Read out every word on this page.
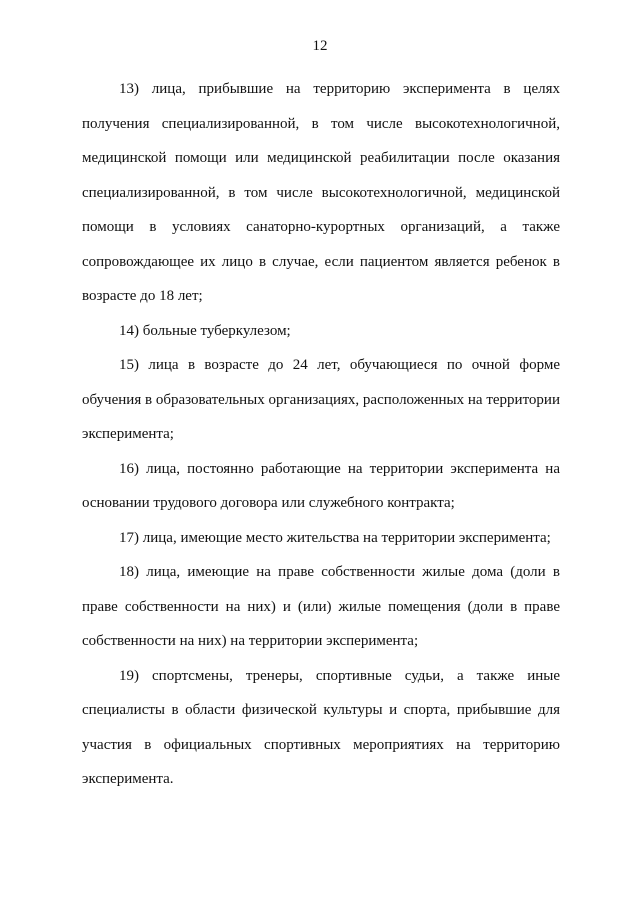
12

13) лица, прибывшие на территорию эксперимента в целях получения специализированной, в том числе высокотехнологичной, медицинской помощи или медицинской реабилитации после оказания специализированной, в том числе высокотехнологичной, медицинской помощи в условиях санаторно-курортных организаций, а также сопровождающее их лицо в случае, если пациентом является ребенок в возрасте до 18 лет;

14) больные туберкулезом;

15) лица в возрасте до 24 лет, обучающиеся по очной форме обучения в образовательных организациях, расположенных на территории эксперимента;

16) лица, постоянно работающие на территории эксперимента на основании трудового договора или служебного контракта;

17) лица, имеющие место жительства на территории эксперимента;

18) лица, имеющие на праве собственности жилые дома (доли в праве собственности на них) и (или) жилые помещения (доли в праве собственности на них) на территории эксперимента;

19) спортсмены, тренеры, спортивные судьи, а также иные специалисты в области физической культуры и спорта, прибывшие для участия в официальных спортивных мероприятиях на территорию эксперимента.
